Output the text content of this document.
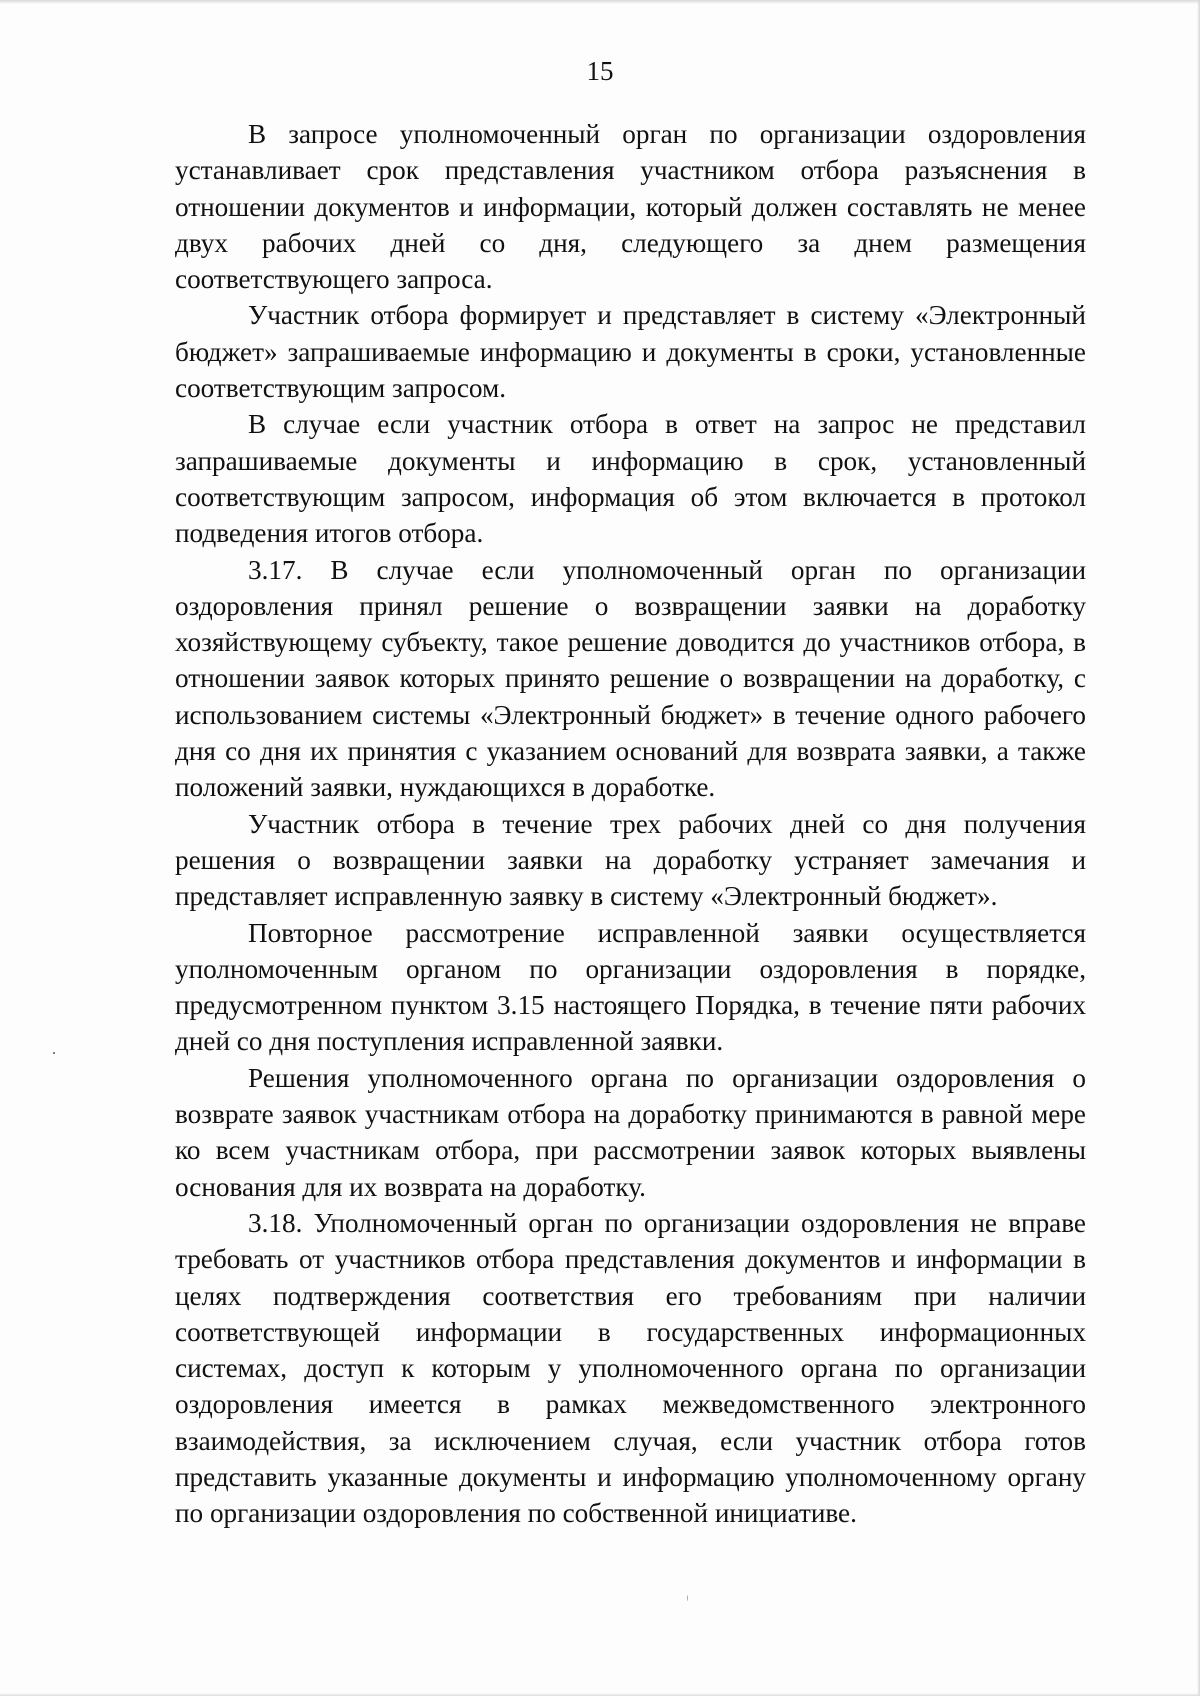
15

В запросе уполномоченный орган по организации оздоровления устанавливает срок представления участником отбора разъяснения в отношении документов и информации, который должен составлять не менее двух рабочих дней со дня, следующего за днем размещения соответствующего запроса.

Участник отбора формирует и представляет в систему «Электронный бюджет» запрашиваемые информацию и документы в сроки, установленные соответствующим запросом.

В случае если участник отбора в ответ на запрос не представил запрашиваемые документы и информацию в срок, установленный соответствующим запросом, информация об этом включается в протокол подведения итогов отбора.

3.17. В случае если уполномоченный орган по организации оздоровления принял решение о возвращении заявки на доработку хозяйствующему субъекту, такое решение доводится до участников отбора, в отношении заявок которых принято решение о возвращении на доработку, с использованием системы «Электронный бюджет» в течение одного рабочего дня со дня их принятия с указанием оснований для возврата заявки, а также положений заявки, нуждающихся в доработке.

Участник отбора в течение трех рабочих дней со дня получения решения о возвращении заявки на доработку устраняет замечания и представляет исправленную заявку в систему «Электронный бюджет».

Повторное рассмотрение исправленной заявки осуществляется уполномоченным органом по организации оздоровления в порядке, предусмотренном пунктом 3.15 настоящего Порядка, в течение пяти рабочих дней со дня поступления исправленной заявки.

Решения уполномоченного органа по организации оздоровления о возврате заявок участникам отбора на доработку принимаются в равной мере ко всем участникам отбора, при рассмотрении заявок которых выявлены основания для их возврата на доработку.

3.18. Уполномоченный орган по организации оздоровления не вправе требовать от участников отбора представления документов и информации в целях подтверждения соответствия его требованиям при наличии соответствующей информации в государственных информационных системах, доступ к которым у уполномоченного органа по организации оздоровления имеется в рамках межведомственного электронного взаимодействия, за исключением случая, если участник отбора готов представить указанные документы и информацию уполномоченному органу по организации оздоровления по собственной инициативе.
